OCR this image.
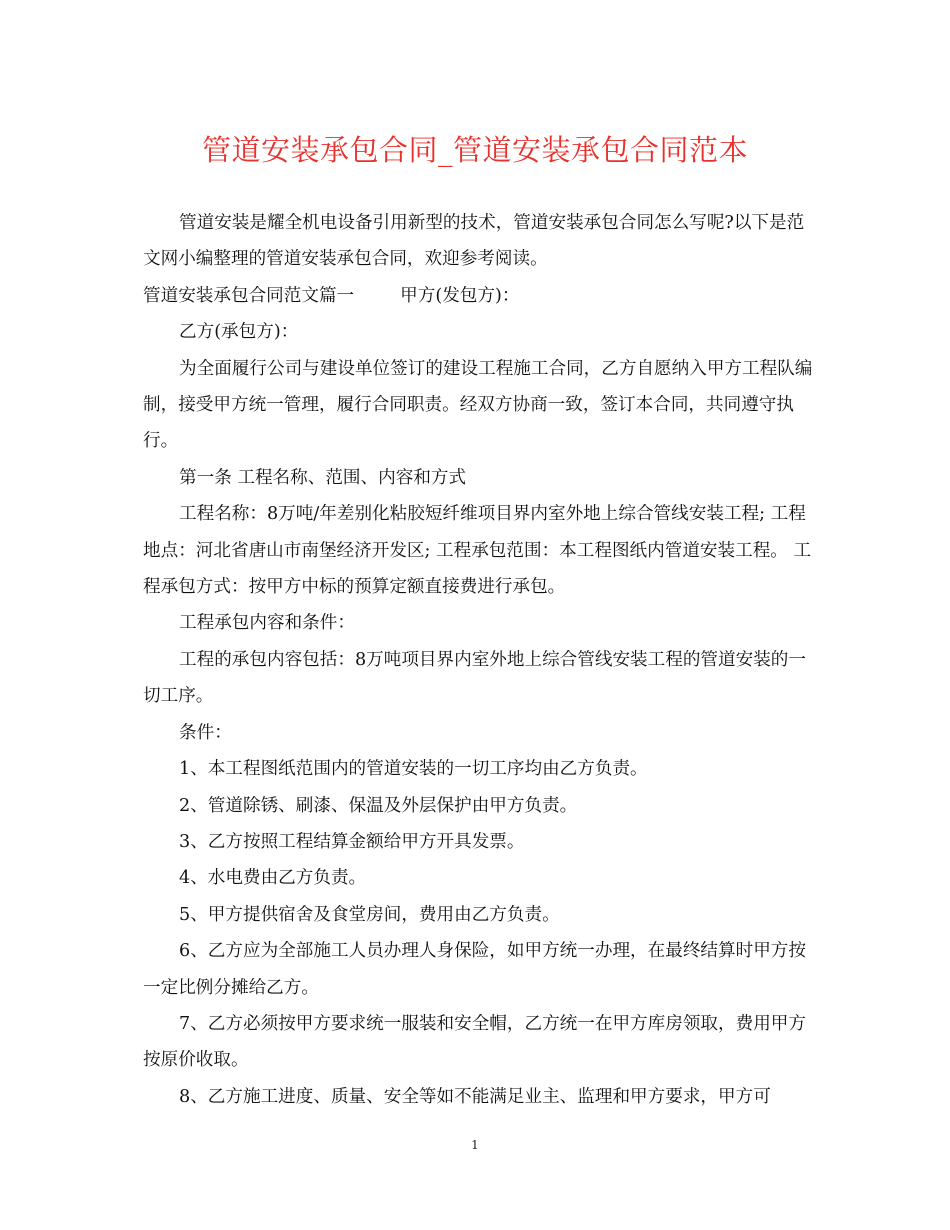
管道安装承包合同_管道安装承包合同范本

管道安装是耀全机电设备引用新型的技术，管道安装承包合同怎么写呢?以下是范文网小编整理的管道安装承包合同，欢迎参考阅读。

管道安装承包合同范文篇一	甲方(发包方)：

乙方(承包方)：

为全面履行公司与建设单位签订的建设工程施工合同，乙方自愿纳入甲方工程队编制，接受甲方统一管理，履行合同职责。经双方协商一致，签订本合同，共同遵守执行。

第一条 工程名称、范围、内容和方式

工程名称：8万吨/年差别化粘胶短纤维项目界内室外地上综合管线安装工程; 工程地点：河北省唐山市南堡经济开发区; 工程承包范围：本工程图纸内管道安装工程。 工程承包方式：按甲方中标的预算定额直接费进行承包。

工程承包内容和条件：

工程的承包内容包括：8万吨项目界内室外地上综合管线安装工程的管道安装的一切工序。

条件：

1、本工程图纸范围内的管道安装的一切工序均由乙方负责。

2、管道除锈、刷漆、保温及外层保护由甲方负责。

3、乙方按照工程结算金额给甲方开具发票。

4、水电费由乙方负责。

5、甲方提供宿舍及食堂房间，费用由乙方负责。

6、乙方应为全部施工人员办理人身保险，如甲方统一办理，在最终结算时甲方按一定比例分摊给乙方。

7、乙方必须按甲方要求统一服装和安全帽，乙方统一在甲方库房领取，费用甲方按原价收取。

8、乙方施工进度、质量、安全等如不能满足业主、监理和甲方要求，甲方可

1
